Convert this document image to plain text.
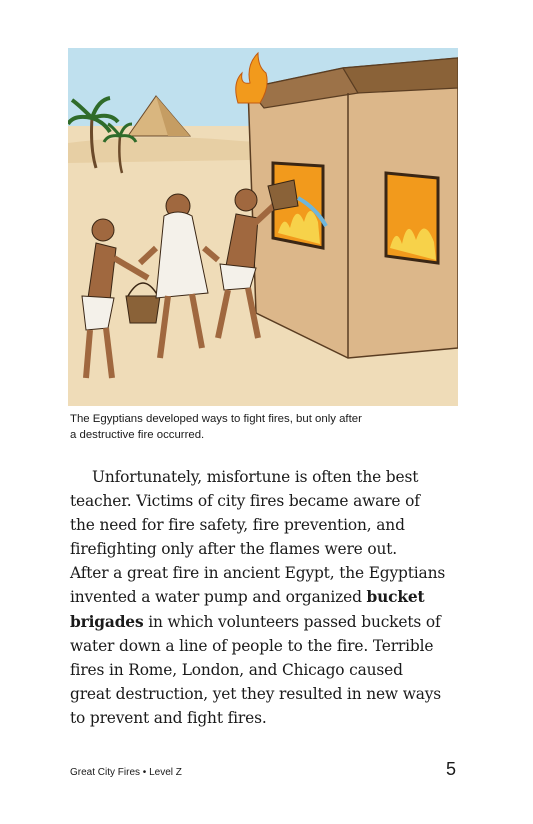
The Egyptians developed ways to fight fires, but only after
a destructive fire occurred.

Unfortunately, misfortune is often the best
teacher. Victims of city fires became aware of
the need for fire safety, fire prevention, and
firefighting only after the flames were out.
After a great fire in ancient Egypt, the Egyptians
invented a water pump and organized bucket
brigades in which volunteers passed buckets of
water down a line of people to the fire. Terrible
fires in Rome, London, and Chicago caused
great destruction, yet they resulted in new ways
to prevent and fight fires.

Great City Fires • Level Z	5
